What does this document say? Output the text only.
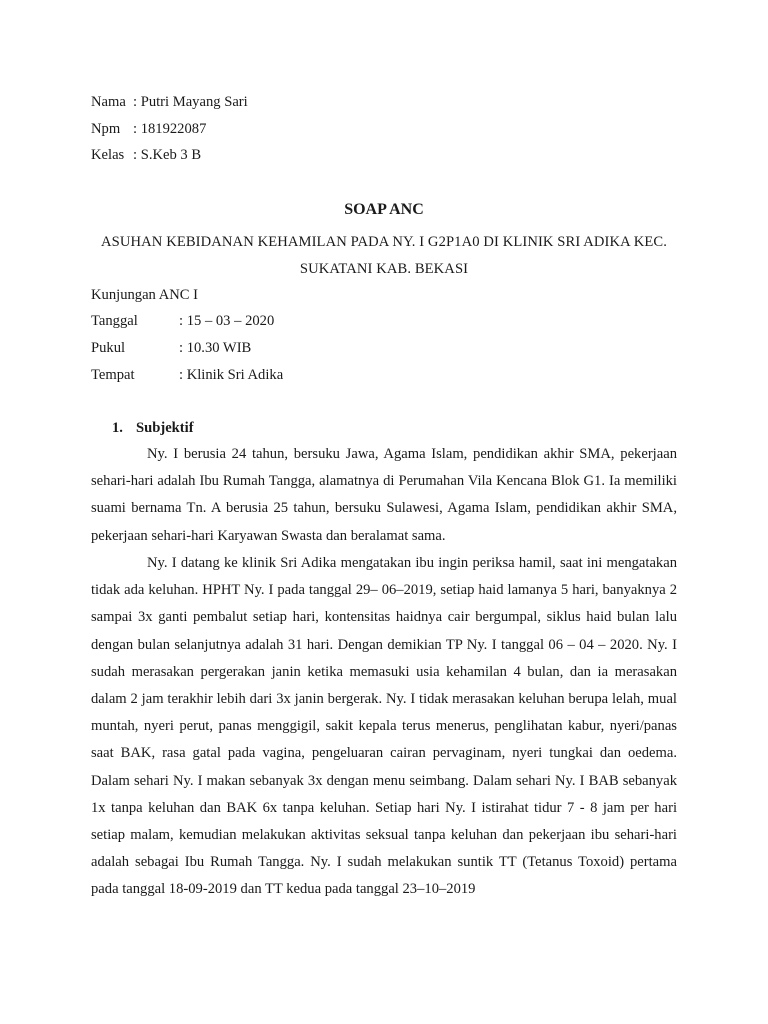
Nama : Putri Mayang Sari
Npm : 181922087
Kelas : S.Keb 3 B
SOAP ANC
ASUHAN KEBIDANAN KEHAMILAN PADA NY. I G2P1A0 DI KLINIK SRI ADIKA KEC.
SUKATANI KAB. BEKASI
Kunjungan ANC I
Tanggal	: 15 – 03 – 2020
Pukul	: 10.30 WIB
Tempat	: Klinik Sri Adika
1. Subjektif

Ny. I berusia 24 tahun, bersuku Jawa, Agama Islam, pendidikan akhir SMA, pekerjaan sehari-hari adalah Ibu Rumah Tangga, alamatnya di Perumahan Vila Kencana Blok G1. Ia memiliki suami bernama Tn. A berusia 25 tahun, bersuku Sulawesi, Agama Islam, pendidikan akhir SMA, pekerjaan sehari-hari Karyawan Swasta dan beralamat sama.

Ny. I datang ke klinik Sri Adika mengatakan ibu ingin periksa hamil, saat ini mengatakan tidak ada keluhan. HPHT Ny. I pada tanggal 29– 06–2019, setiap haid lamanya 5 hari, banyaknya 2 sampai 3x ganti pembalut setiap hari, kontensitas haidnya cair bergumpal, siklus haid bulan lalu dengan bulan selanjutnya adalah 31 hari. Dengan demikian TP Ny. I tanggal 06 – 04 – 2020. Ny. I sudah merasakan pergerakan janin ketika memasuki usia kehamilan 4 bulan, dan ia merasakan dalam 2 jam terakhir lebih dari 3x janin bergerak. Ny. I tidak merasakan keluhan berupa lelah, mual muntah, nyeri perut, panas menggigil, sakit kepala terus menerus, penglihatan kabur, nyeri/panas saat BAK, rasa gatal pada vagina, pengeluaran cairan pervaginam, nyeri tungkai dan oedema. Dalam sehari Ny. I makan sebanyak 3x dengan menu seimbang. Dalam sehari Ny. I BAB sebanyak 1x tanpa keluhan dan BAK 6x tanpa keluhan. Setiap hari Ny. I istirahat tidur 7 - 8 jam per hari setiap malam, kemudian melakukan aktivitas seksual tanpa keluhan dan pekerjaan ibu sehari-hari adalah sebagai Ibu Rumah Tangga. Ny. I sudah melakukan suntik TT (Tetanus Toxoid) pertama pada tanggal 18-09-2019 dan TT kedua pada tanggal 23–10–2019
